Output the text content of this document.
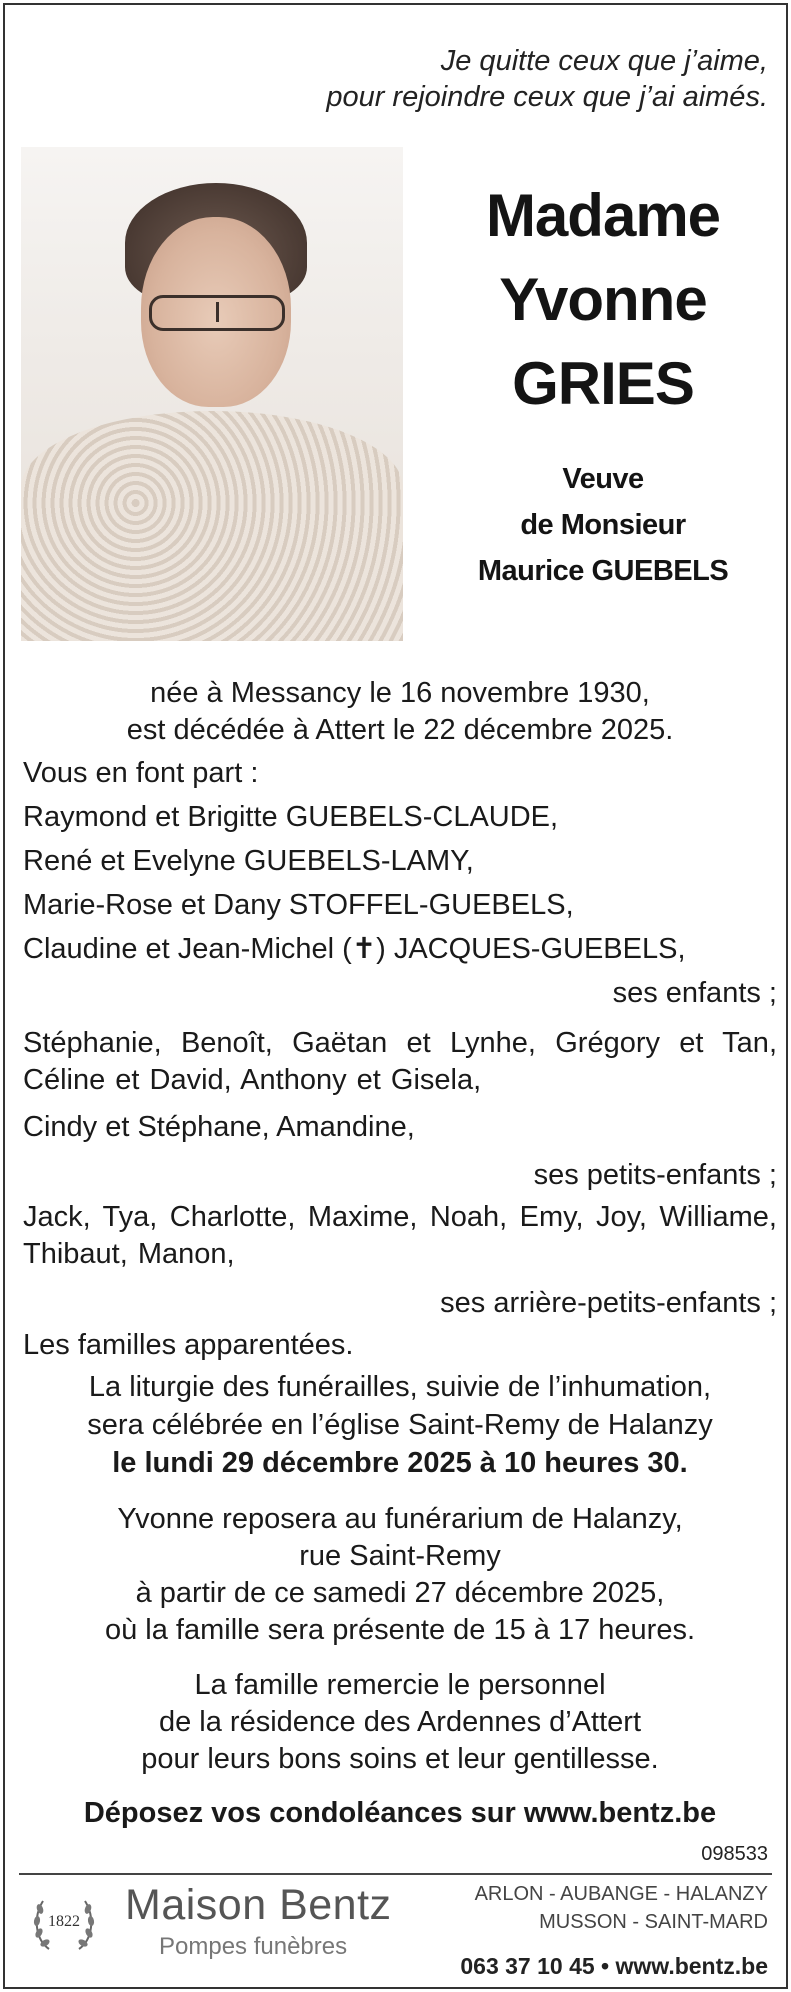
Je quitte ceux que j’aime,
pour rejoindre ceux que j’ai aimés.
Madame
Yvonne
GRIES
Veuve
de Monsieur
Maurice GUEBELS
née à Messancy le 16 novembre 1930,
est décédée à Attert le 22 décembre 2025.
Vous en font part :
Raymond et Brigitte GUEBELS-CLAUDE,
René et Evelyne GUEBELS-LAMY,
Marie-Rose et Dany STOFFEL-GUEBELS,
Claudine et Jean-Michel (✝) JACQUES-GUEBELS,
ses enfants ;
Stéphanie, Benoît, Gaëtan et Lynhe, Grégory et Tan, Céline et David, Anthony et Gisela,
Cindy et Stéphane, Amandine,
ses petits-enfants ;
Jack, Tya, Charlotte, Maxime, Noah, Emy, Joy, Williame, Thibaut, Manon,
ses arrière-petits-enfants ;
Les familles apparentées.
La liturgie des funérailles, suivie de l’inhumation,
sera célébrée en l’église Saint-Remy de Halanzy
le lundi 29 décembre 2025 à 10 heures 30.
Yvonne reposera au funérarium de Halanzy,
rue Saint-Remy
à partir de ce samedi 27 décembre 2025,
où la famille sera présente de 15 à 17 heures.
La famille remercie le personnel
de la résidence des Ardennes d’Attert
pour leurs bons soins et leur gentillesse.
Déposez vos condoléances sur www.bentz.be
098533
1822	Maison Bentz
Pompes funèbres
ARLON - AUBANGE - HALANZY
MUSSON - SAINT-MARD
063 37 10 45 • www.bentz.be
